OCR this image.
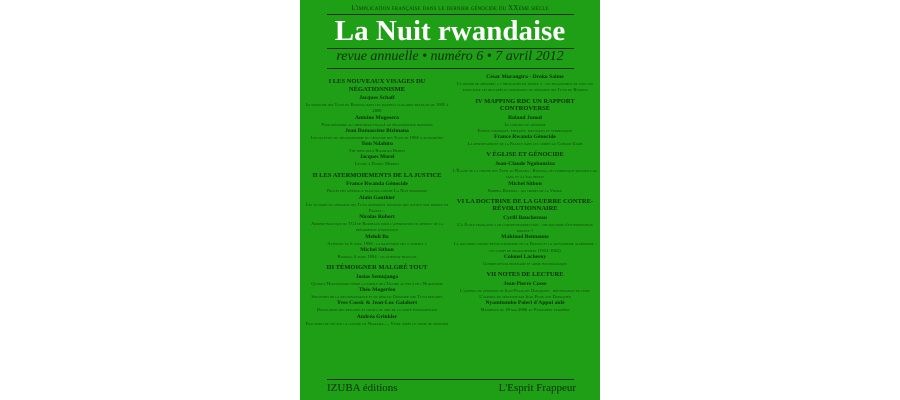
L'implication française dans le dernier génocide du XXème siècle
La Nuit rwandaise
revue annuelle • numéro 6 • 7 avril 2012
I LES NOUVEAUX VISAGES DU NÉGATIONNISME
Jacques Schaff
Le génocide des Tutsi du Rwanda dans les manuels scolaires français de 1995 à 2008
Antoine Mugesera
Pour répondre au chercheur engagé au négationniste rwandais
Jean Damascène Bizimana
Les facettes du négationnisme du génocide des Tutsi de 1994 à aujourd'hui
Tom Ndahiro
The infectious Rwandan Rebels
Jacques Morel
Lettre à Daniel Mermet
II LES ATERMOIEMENTS DE LA JUSTICE
France Rwanda Génocide
Procès des généraux français contre La Nuit rwandaise
Alain Gauthier
Les victimes du génocide des Tutsi attendent toujours que justice soit rendue en France...
Nicolas Robert
Arrière-boutique du TGI de Bordeaux pour l'affirmation du respect de la présomption d'innocence
Mehdi Ba
Attentat du 6 avril 1994 : la balistique des « experts »
Michel Sitbon
Rwanda, 6 avril 1994 : un attentat français
III TÉMOIGNER MALGRÉ TOUT
Josias Semujanga
Quand l'Humanitaire fonde la parole de l'Ultime au-delà de l'Humanisme
Théo Mugerfeo
Souvenirs de la reconnaissance et du déni du Génocide des Tutsi rescapés
Yves Cossic & Jean-Luc Galabert
Dislocation des rescapés et droits du sien de la santé fondamentale
Andréa Grinkler
Fractures de vie sur la colline de Ntarama — Vivre après le crime de génocide
César Murangira - Droko Saïme
Le devoir de mémoire, « l'obligation de justice » : un engagement de tous les jours pour les rescapés et survivants du génocide des Tutsi du Rwanda
IV MAPPING RDC UN RAPPORT CONTROVERSÉ
Roland Junod
Le concept de génocide
Enjeux juridiques, éthiques, politiques et symboliques
France Rwanda Génocide
La responsabilité de la France dans les crimes au Congro-Zaïre
V ÉGLISE ET GÉNOCIDE
Jean-Claude Ngabonziza
L'Église de la chasse des Tutsi au Rwanda : Rwanda, du symbolique religieux au sang et à l'eau bénite
Michel Sitbon
Kibeho, Rwanda : les crimes de la Vierge
VI LA DOCTRINE DE LA GUERRE CONTRE-RÉVOLUTIONNAIRE
Cyrill Bauchereau
L'« École française » de contre-insurrection : une doctrine d'extermination massive ?
Mahfoud Bennoune
La doctrine contre-révolutionnaire de la France et la paysannerie algérienne : les camps de regroupement (1954-1962)
Colonel Lacheroy
Guerre révolutionnaire et arme psychologique
VII NOTES DE LECTURE
Jean-Pierre Cosse
L'agenda du génocide de Jean-François Dupaquier : présentation du livre L'agenda du génocide par Jean Pujol sur Dupaquier
Nyamitombo Poleri d'Appui aidé
Manifeste du 28 mai 2006 au Parlement européen
IZUBA éditions	L'Esprit Frappeur
